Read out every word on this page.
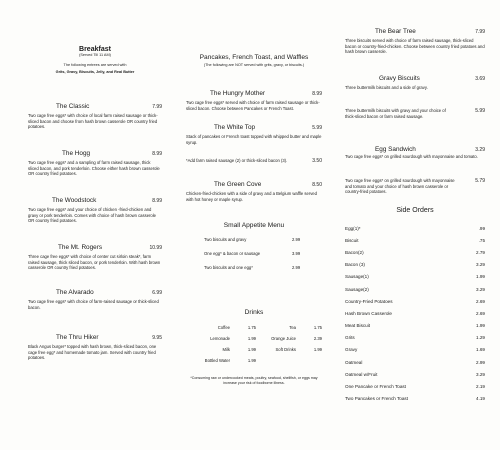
Breakfast
(Served Till 11 AM)
The following entrees are served with
Grits, Gravy, Biscuits, Jelly, and Real Butter
The Classic	7.99
Two cage free eggs* with choice of local farm raised sausage or thick-sliced bacon and choose from hash brown casserole OR country fried potatoes.
The Hogg	8.99
Two cage free eggs* and a sampling of farm raised sausage, thick sliced bacon, and pork tenderloin. Choose either hash brown casserole OR country fried potatoes.
The Woodstock	8.99
Two cage free eggs* and your choice of chicken -fried-chicken and gravy or pork tenderloin. Comes with choice of hash brown casserole OR country fried potatoes.
The Mt. Rogers	10.99
Three cage free eggs* with choice of center cut sirloin steak*, farm raised sausage, thick sliced bacon, or pork tenderloin. With hash brown casserole OR country fried potatoes.
The Alvarado	6.99
Two cage free eggs* with choice of farm-raised sausage or thick-sliced bacon.
The Thru Hiker	9.95
Black Angus burger* topped with hash brown, thick-sliced bacon, one cage free egg* and homemade tomato jam. Served with country fried potatoes.
Pancakes, French Toast, and Waffles
(The following are NOT served with grits, gravy, or biscuits.)
The Hungry Mother	8.99
Two cage free eggs* served with choice of farm raised sausage or thick-sliced bacon. Choose between Pancakes or French Toast.
The White Top	5.99
Stack of pancakes or French toast topped with whipped butter and maple syrup.
*Add farm raised sausage (2) or thick-sliced bacon (3).	3.50
The Green Cove	8.50
Chicken-fried-chicken with a side of gravy and a Belgium waffle served with hot honey or maple syrup.
Small Appetite Menu
Two biscuits and gravy	2.99
One egg* & bacon or sausage	3.99
Two biscuits and one egg*	2.99
Drinks
Coffee	1.75	Tea	1.75
Lemonade	1.99	Orange Juice	2.39
Milk	1.99	Soft Drinks	1.99
Bottled Water	1.99
*Consuming raw or undercooked meats, poultry, seafood, shellfish, or eggs may increase your risk of foodborne illness.
The Bear Tree	7.99
Three biscuits served with choice of farm raised sausage, thick-sliced bacon or country-fried-chicken. Choose between country fried potatoes and hash brown casserole.
Gravy Biscuits	3.69
Three buttermilk biscuits and a side of gravy.
Three buttermilk biscuits with gravy and your choice of thick-sliced bacon or farm raised sausage.
5.99
Egg Sandwich	3.29
Two cage free eggs* on grilled sourdough with mayonnaise and tomato.
Two cage free eggs* on grilled sourdough with mayonnaise and tomato and your choice of hash brown casserole or country-fried potatoes.
5.79
Side Orders
Egg(1)*	.99
Biscuit	.75
Bacon(2)	2.79
Bacon (3)	3.29
Sausage(1)	1.99
Sausage(2)	3.29
Country-Fried Potatoes	2.69
Hash Brown Casserole	2.69
Meat Biscuit	1.99
Grits	1.29
Gravy	1.69
Oatmeal	2.99
Oatmeal w/Fruit	3.29
One Pancake or French Toast	2.19
Two Pancakes or French Toast	4.19
